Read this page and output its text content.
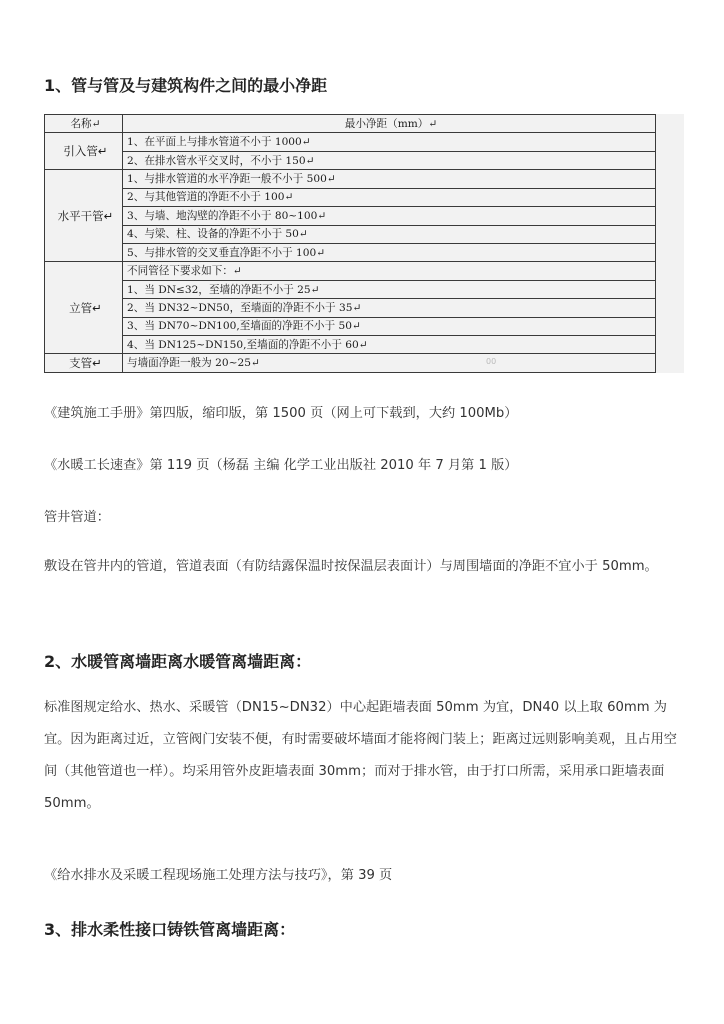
1、管与管及与建筑构件之间的最小净距
名称↵	最小净距（mm）↵
引入管↵	1、在平面上与排水管道不小于 1000↵
	2、在排水管水平交叉时，不小于 150↵
水平干管↵	1、与排水管道的水平净距一般不小于 500↵
	2、与其他管道的净距不小于 100↵
	3、与墙、地沟壁的净距不小于 80~100↵
	4、与梁、柱、设备的净距不小于 50↵
	5、与排水管的交叉垂直净距不小于 100↵
立管↵	不同管径下要求如下：↵
	1、当 DN≤32，至墙的净距不小于 25↵
	2、当 DN32~DN50，至墙面的净距不小于 35↵
	3、当 DN70~DN100,至墙面的净距不小于 50↵
	4、当 DN125~DN150,至墙面的净距不小于 60↵
支管↵	与墙面净距一般为 20~25↵	00

《建筑施工手册》第四版，缩印版，第 1500 页（网上可下载到，大约 100Mb）

《水暖工长速查》第 119 页（杨磊 主编 化学工业出版社 2010 年 7 月第 1 版）

管井管道：

敷设在管井内的管道，管道表面（有防结露保温时按保温层表面计）与周围墙面的净距不宜小于 50mm。

2、水暖管离墙距离水暖管离墙距离：

标准图规定给水、热水、采暖管（DN15~DN32）中心起距墙表面 50mm 为宜，DN40 以上取 60mm 为宜。因为距离过近，立管阀门安装不便，有时需要破坏墙面才能将阀门装上；距离过远则影响美观，且占用空间（其他管道也一样）。均采用管外皮距墙表面 30mm；而对于排水管，由于打口所需，采用承口距墙表面 50mm。

《给水排水及采暖工程现场施工处理方法与技巧》，第 39 页

3、排水柔性接口铸铁管离墙距离：
